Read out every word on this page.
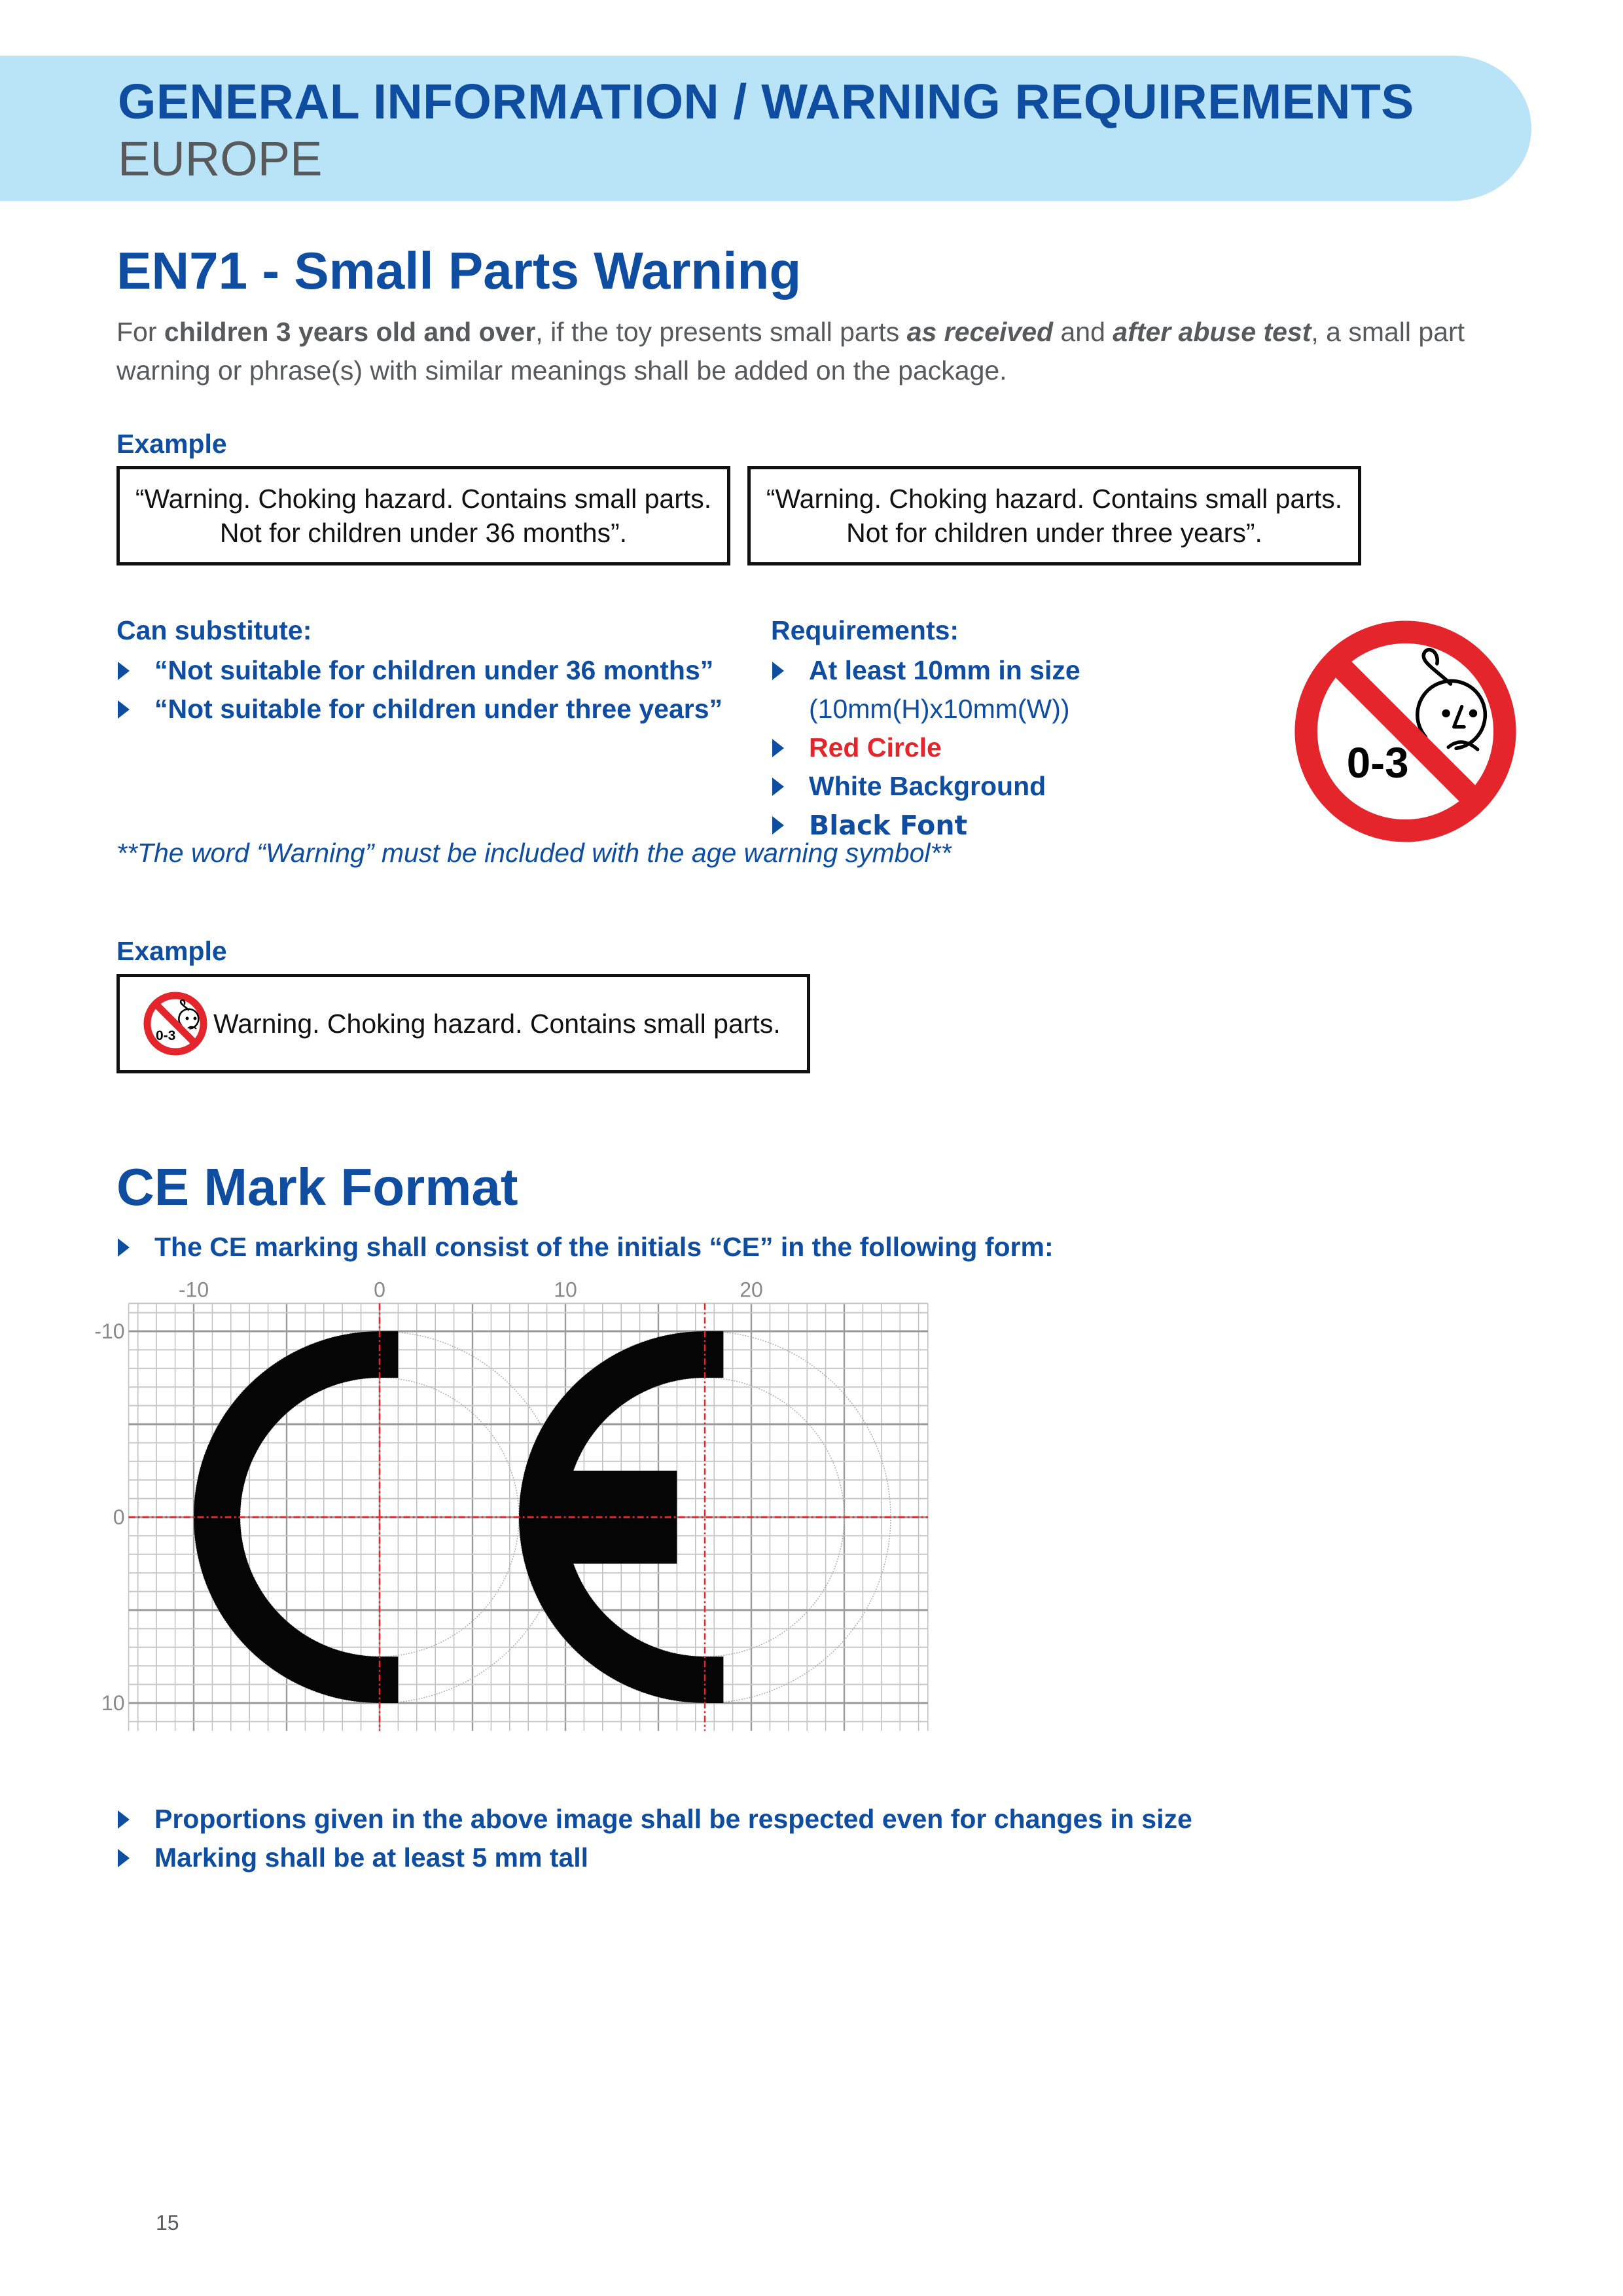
GENERAL INFORMATION / WARNING REQUIREMENTS
EUROPE
EN71 - Small Parts Warning
For children 3 years old and over, if the toy presents small parts as received and after abuse test, a small part warning or phrase(s) with similar meanings shall be added on the package.
Example
“Warning. Choking hazard. Contains small parts.
Not for children under 36 months”.
“Warning. Choking hazard. Contains small parts.
Not for children under three years”.
Can substitute:
“Not suitable for children under 36 months”
“Not suitable for children under three years”
Requirements:
At least 10mm in size
(10mm(H)x10mm(W))
Red Circle
White Background
Black Font
0-3
**The word “Warning” must be included with the age warning symbol**
Example
0-3 Warning. Choking hazard. Contains small parts.
CE Mark Format
The CE marking shall consist of the initials “CE” in the following form:
-10	0	10	20
-10
0
10
Proportions given in the above image shall be respected even for changes in size
Marking shall be at least 5 mm tall
15
